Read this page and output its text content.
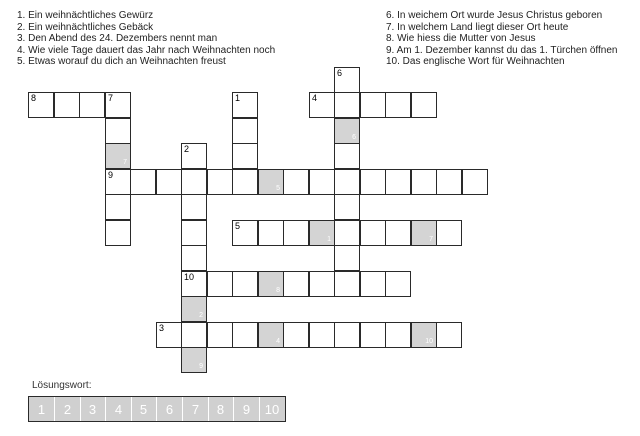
1. Ein weihnächtliches Gewürz
2. Ein weihnächtliches Gebäck
3. Den Abend des 24. Dezembers nennt man
4. Wie viele Tage dauert das Jahr nach Weihnachten noch
5. Etwas worauf du dich an Weihnachten freust
6. In weichem Ort wurde Jesus Christus geboren
7. In welchem Land liegt dieser Ort heute
8. Wie hiess die Mutter von Jesus
9. Am 1. Dezember kannst du das 1. Türchen öffnen
10. Das englische Wort für Weihnachten
8	7	1	4
6
6
7
9
2
10
2
9
5
5
1	7
8
3
4	10
Lösungswort:
1	2	3	4	5	6	7	8	9	10
